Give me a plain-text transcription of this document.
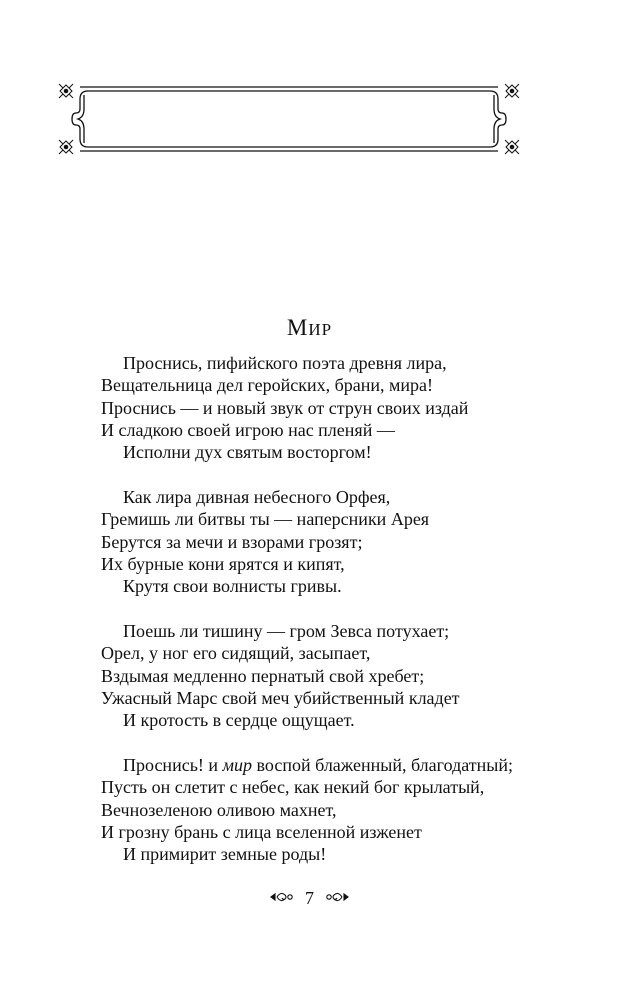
МИР
Проснись, пифийского поэта древня лира,
Вещательница дел геройских, брани, мира!
Проснись — и новый звук от струн своих издай
И сладкою своей игрою нас пленяй —
Исполни дух святым восторгом!
Как лира дивная небесного Орфея,
Гремишь ли битвы ты — наперсники Арея
Берутся за мечи и взорами грозят;
Их бурные кони ярятся и кипят,
Крутя свои волнисты гривы.
Поешь ли тишину — гром Зевса потухает;
Орел, у ног его сидящий, засыпает,
Вздымая медленно пернатый свой хребет;
Ужасный Марс свой меч убийственный кладет
И кротость в сердце ощущает.
Проснись! и мир воспой блаженный, благодатный;
Пусть он слетит с небес, как некий бог крылатый,
Вечнозеленою оливою махнет,
И грозну брань с лица вселенной изженет
И примирит земные роды!
7
